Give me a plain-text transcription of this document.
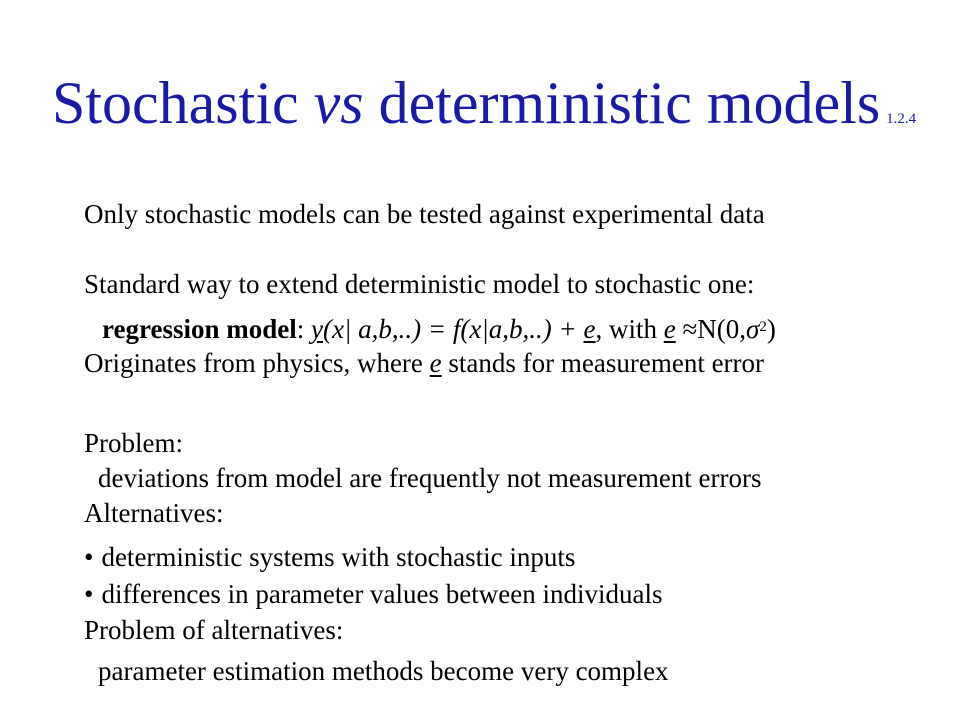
Stochastic vs deterministic models 1.2.4
Only stochastic models can be tested against experimental data
Standard way to extend deterministic model to stochastic one:
regression model: y(x| a,b,..) = f(x|a,b,..) + e, with $e \approx N(0,\sigma^2)$
Originates from physics, where e stands for measurement error
Problem:
deviations from model are frequently not measurement errors
Alternatives:
• deterministic systems with stochastic inputs
• differences in parameter values between individuals
Problem of alternatives:
parameter estimation methods become very complex
